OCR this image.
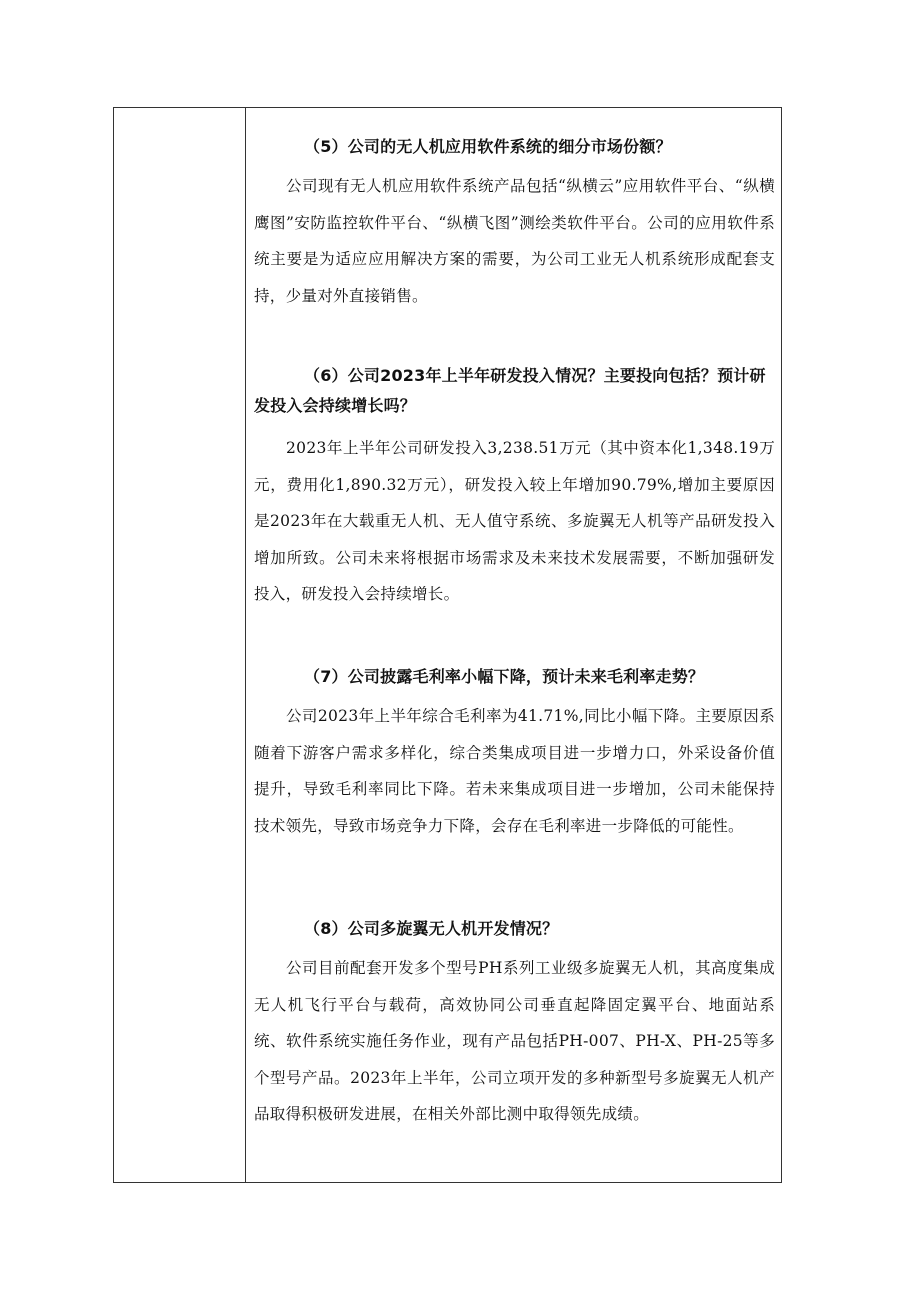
（5）公司的无人机应用软件系统的细分市场份额？
公司现有无人机应用软件系统产品包括“纵横云”应用软件平台、“纵横鹰图”安防监控软件平台、“纵横飞图”测绘类软件平台。公司的应用软件系统主要是为适应应用解决方案的需要，为公司工业无人机系统形成配套支持，少量对外直接销售。
（6）公司2023年上半年研发投入情况？主要投向包括？预计研发投入会持续增长吗？
2023年上半年公司研发投入3,238.51万元（其中资本化1,348.19万元，费用化1,890.32万元），研发投入较上年增加90.79%,增加主要原因是2023年在大载重无人机、无人值守系统、多旋翼无人机等产品研发投入增加所致。公司未来将根据市场需求及未来技术发展需要，不断加强研发投入，研发投入会持续增长。
（7）公司披露毛利率小幅下降，预计未来毛利率走势？
公司2023年上半年综合毛利率为41.71%,同比小幅下降。主要原因系随着下游客户需求多样化，综合类集成项目进一步增力口，外采设备价值提升，导致毛利率同比下降。若未来集成项目进一步增加，公司未能保持技术领先，导致市场竞争力下降，会存在毛利率进一步降低的可能性。
（8）公司多旋翼无人机开发情况？
公司目前配套开发多个型号PH系列工业级多旋翼无人机，其高度集成无人机飞行平台与载荷，高效协同公司垂直起降固定翼平台、地面站系统、软件系统实施任务作业，现有产品包括PH-007、PH-X、PH-25等多个型号产品。2023年上半年，公司立项开发的多种新型号多旋翼无人机产品取得积极研发进展，在相关外部比测中取得领先成绩。
